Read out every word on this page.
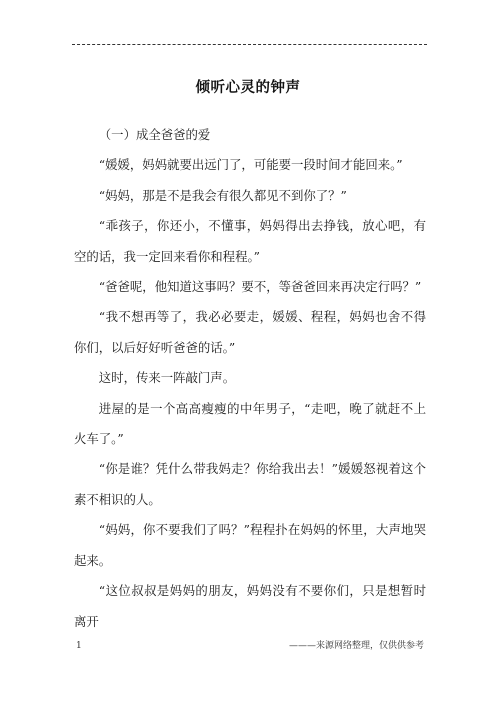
倾听心灵的钟声

（一）成全爸爸的爱

“媛媛，妈妈就要出远门了，可能要一段时间才能回来。”

“妈妈，那是不是我会有很久都见不到你了？”

“乖孩子，你还小，不懂事，妈妈得出去挣钱，放心吧，有空的话，我一定回来看你和程程。”

“爸爸呢，他知道这事吗？要不，等爸爸回来再决定行吗？”

“我不想再等了，我必必要走，媛媛、程程，妈妈也舍不得你们，以后好好听爸爸的话。”

这时，传来一阵敲门声。

进屋的是一个高高瘦瘦的中年男子，“走吧，晚了就赶不上火车了。”

“你是谁？凭什么带我妈走？你给我出去！”媛媛怒视着这个素不相识的人。

“妈妈，你不要我们了吗？”程程扑在妈妈的怀里，大声地哭起来。

“这位叔叔是妈妈的朋友，妈妈没有不要你们，只是想暂时离开

1	———来源网络整理，仅供供参考
